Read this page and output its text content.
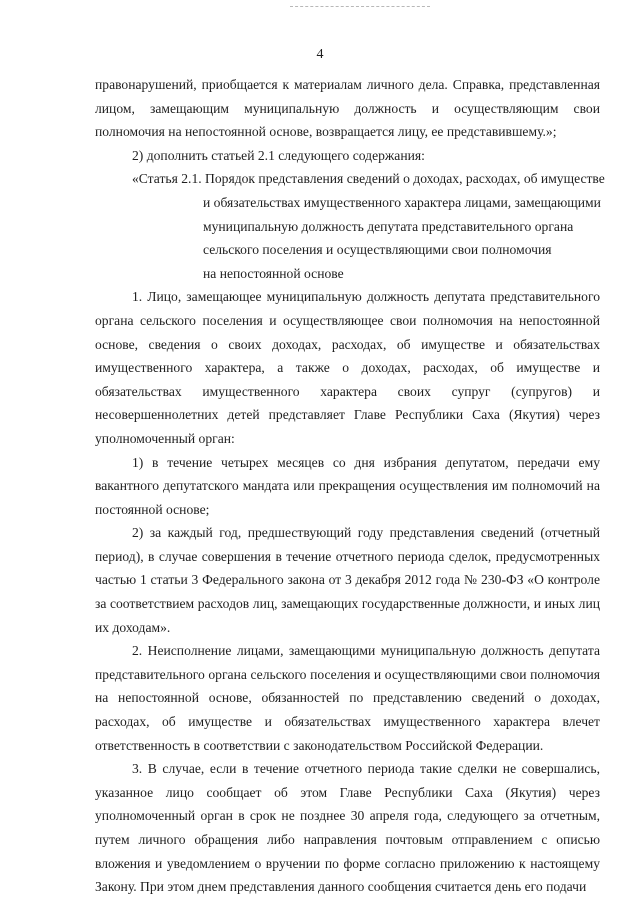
4

правонарушений, приобщается к материалам личного дела. Справка, представленная лицом, замещающим муниципальную должность и осуществляющим свои полномочия на непостоянной основе, возвращается лицу, ее представившему.»;

2) дополнить статьей 2.1 следующего содержания:

«Статья 2.1. Порядок представления сведений о доходах, расходах, об имуществе
и обязательствах имущественного характера лицами, замещающими
муниципальную должность депутата представительного органа
сельского поселения и осуществляющими свои полномочия
на непостоянной основе

1. Лицо, замещающее муниципальную должность депутата представительного органа сельского поселения и осуществляющее свои полномочия на непостоянной основе, сведения о своих доходах, расходах, об имуществе и обязательствах имущественного характера, а также о доходах, расходах, об имуществе и обязательствах имущественного характера своих супруг (супругов) и несовершеннолетних детей представляет Главе Республики Саха (Якутия) через уполномоченный орган:

1) в течение четырех месяцев со дня избрания депутатом, передачи ему вакантного депутатского мандата или прекращения осуществления им полномочий на постоянной основе;

2) за каждый год, предшествующий году представления сведений (отчетный период), в случае совершения в течение отчетного периода сделок, предусмотренных частью 1 статьи 3 Федерального закона от 3 декабря 2012 года № 230-ФЗ «О контроле за соответствием расходов лиц, замещающих государственные должности, и иных лиц их доходам».

2. Неисполнение лицами, замещающими муниципальную должность депутата представительного органа сельского поселения и осуществляющими свои полномочия на непостоянной основе, обязанностей по представлению сведений о доходах, расходах, об имуществе и обязательствах имущественного характера влечет ответственность в соответствии с законодательством Российской Федерации.

3. В случае, если в течение отчетного периода такие сделки не совершались, указанное лицо сообщает об этом Главе Республики Саха (Якутия) через уполномоченный орган в срок не позднее 30 апреля года, следующего за отчетным, путем личного обращения либо направления почтовым отправлением с описью вложения и уведомлением о вручении по форме согласно приложению к настоящему Закону. При этом днем представления данного сообщения считается день его подачи
